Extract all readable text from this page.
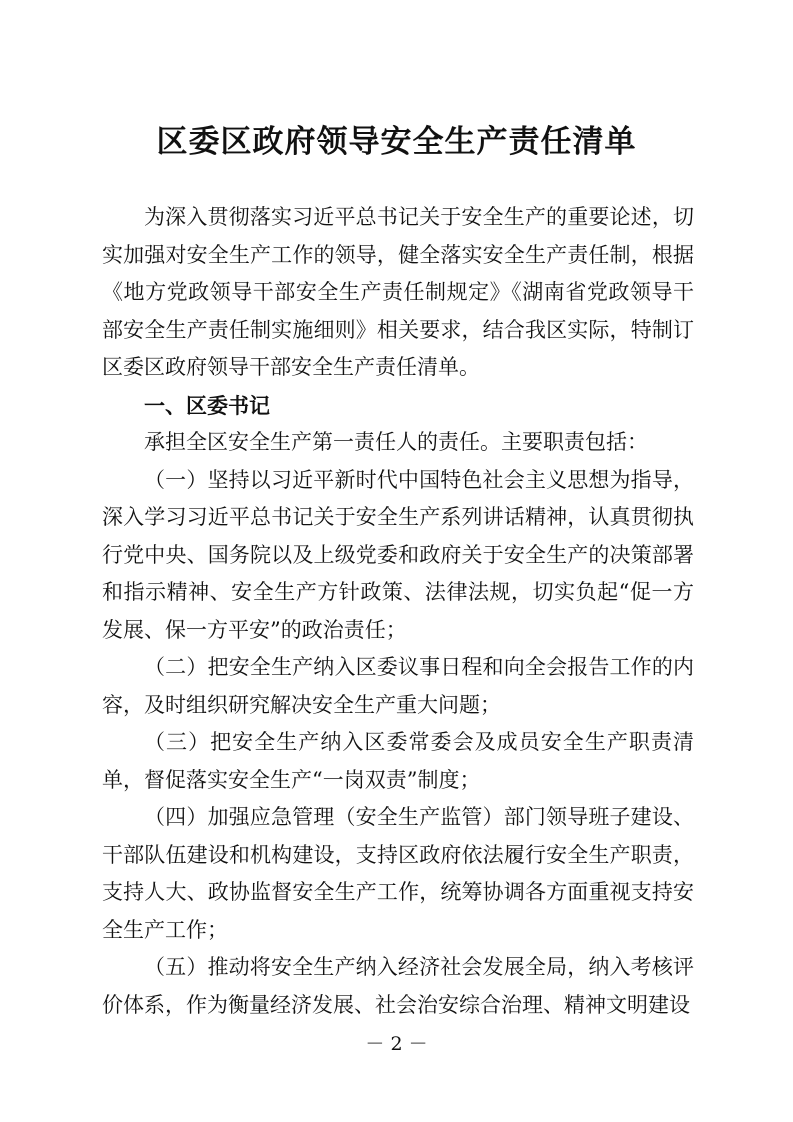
区委区政府领导安全生产责任清单

为深入贯彻落实习近平总书记关于安全生产的重要论述，切实加强对安全生产工作的领导，健全落实安全生产责任制，根据《地方党政领导干部安全生产责任制规定》《湖南省党政领导干部安全生产责任制实施细则》相关要求，结合我区实际，特制订区委区政府领导干部安全生产责任清单。

一、区委书记

承担全区安全生产第一责任人的责任。主要职责包括：

（一）坚持以习近平新时代中国特色社会主义思想为指导，深入学习习近平总书记关于安全生产系列讲话精神，认真贯彻执行党中央、国务院以及上级党委和政府关于安全生产的决策部署和指示精神、安全生产方针政策、法律法规，切实负起“促一方发展、保一方平安”的政治责任；

（二）把安全生产纳入区委议事日程和向全会报告工作的内容，及时组织研究解决安全生产重大问题；

（三）把安全生产纳入区委常委会及成员安全生产职责清单，督促落实安全生产“一岗双责”制度；

（四）加强应急管理（安全生产监管）部门领导班子建设、干部队伍建设和机构建设，支持区政府依法履行安全生产职责，支持人大、政协监督安全生产工作，统筹协调各方面重视支持安全生产工作；

（五）推动将安全生产纳入经济社会发展全局，纳入考核评价体系，作为衡量经济发展、社会治安综合治理、精神文明建设

－ 2 －
